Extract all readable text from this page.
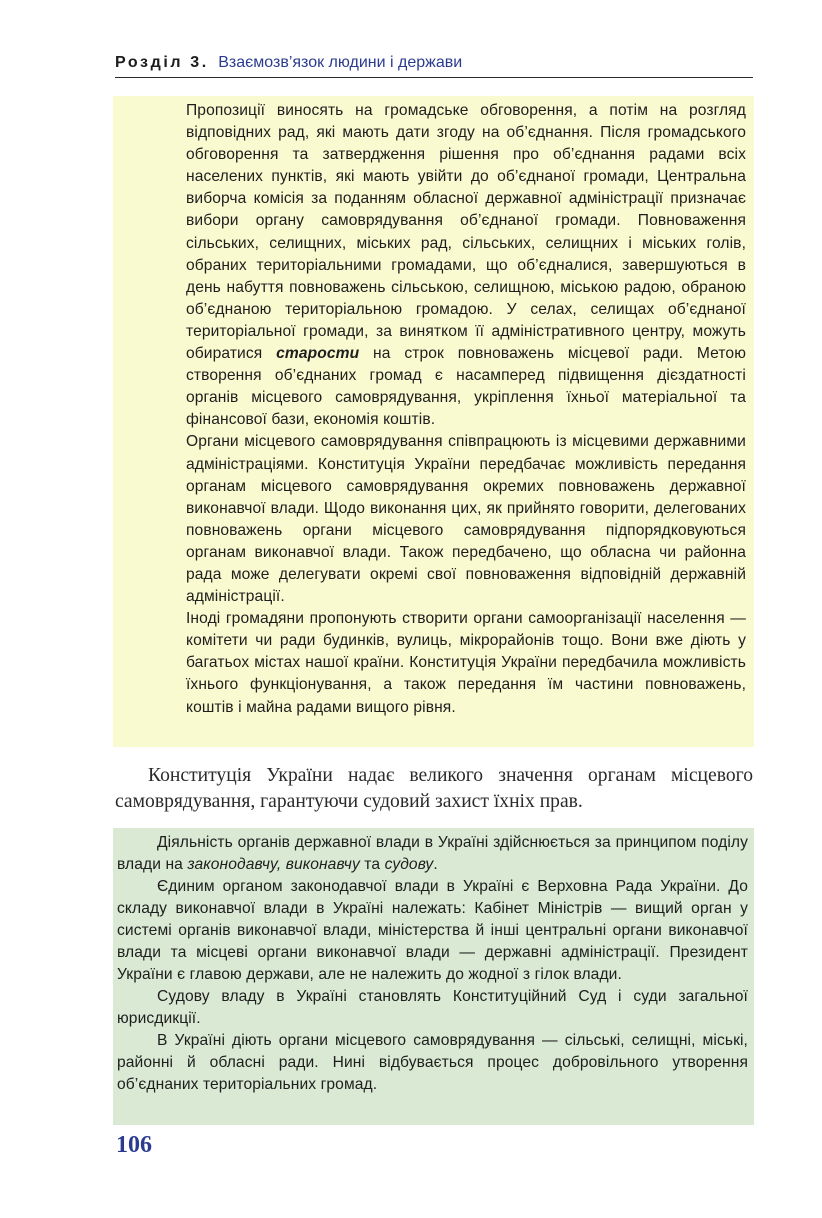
Розділ 3. Взаємозв’язок людини і держави

Пропозиції виносять на громадське обговорення, а потім на розгляд відповідних рад, які мають дати згоду на об’єднання. Після громадського обговорення та затвердження рішення про об’єднання радами всіх населених пунктів, які мають увійти до об’єднаної громади, Центральна виборча комісія за поданням обласної державної адміністрації призначає вибори органу самоврядування об’єднаної громади. Повноваження сільських, селищних, міських рад, сільських, селищних і міських голів, обраних територіальними громадами, що об’єдналися, завершуються в день набуття повноважень сільською, селищною, міською радою, обраною об’єднаною територіальною громадою. У селах, селищах об’єднаної територіальної громади, за винятком її адміністративного центру, можуть обиратися старости на строк повноважень місцевої ради. Метою створення об’єднаних громад є насамперед підвищення дієздатності органів місцевого самоврядування, укріплення їхньої матеріальної та фінансової бази, економія коштів.

Органи місцевого самоврядування співпрацюють із місцевими державними адміністраціями. Конституція України передбачає можливість передання органам місцевого самоврядування окремих повноважень державної виконавчої влади. Щодо виконання цих, як прийнято говорити, делегованих повноважень органи місцевого самоврядування підпорядковуються органам виконавчої влади. Також передбачено, що обласна чи районна рада може делегувати окремі свої повноваження відповідній державній адміністрації.

Іноді громадяни пропонують створити органи самоорганізації населення — комітети чи ради будинків, вулиць, мікрорайонів тощо. Вони вже діють у багатьох містах нашої країни. Конституція України передбачила можливість їхнього функціонування, а також передання їм частини повноважень, коштів і майна радами вищого рівня.

Конституція України надає великого значення органам місцевого самоврядування, гарантуючи судовий захист їхніх прав.

Діяльність органів державної влади в Україні здійснюється за принципом поділу влади на законодавчу, виконавчу та судову.

Єдиним органом законодавчої влади в Україні є Верховна Рада України. До складу виконавчої влади в Україні належать: Кабінет Міністрів — вищий орган у системі органів виконавчої влади, міністерства й інші центральні органи виконавчої влади та місцеві органи виконавчої влади — державні адміністрації. Президент України є главою держави, але не належить до жодної з гілок влади.

Судову владу в Україні становлять Конституційний Суд і суди загальної юрисдикції.

В Україні діють органи місцевого самоврядування — сільські, селищні, міські, районні й обласні ради. Нині відбувається процес добровільного утворення об’єднаних територіальних громад.

106
